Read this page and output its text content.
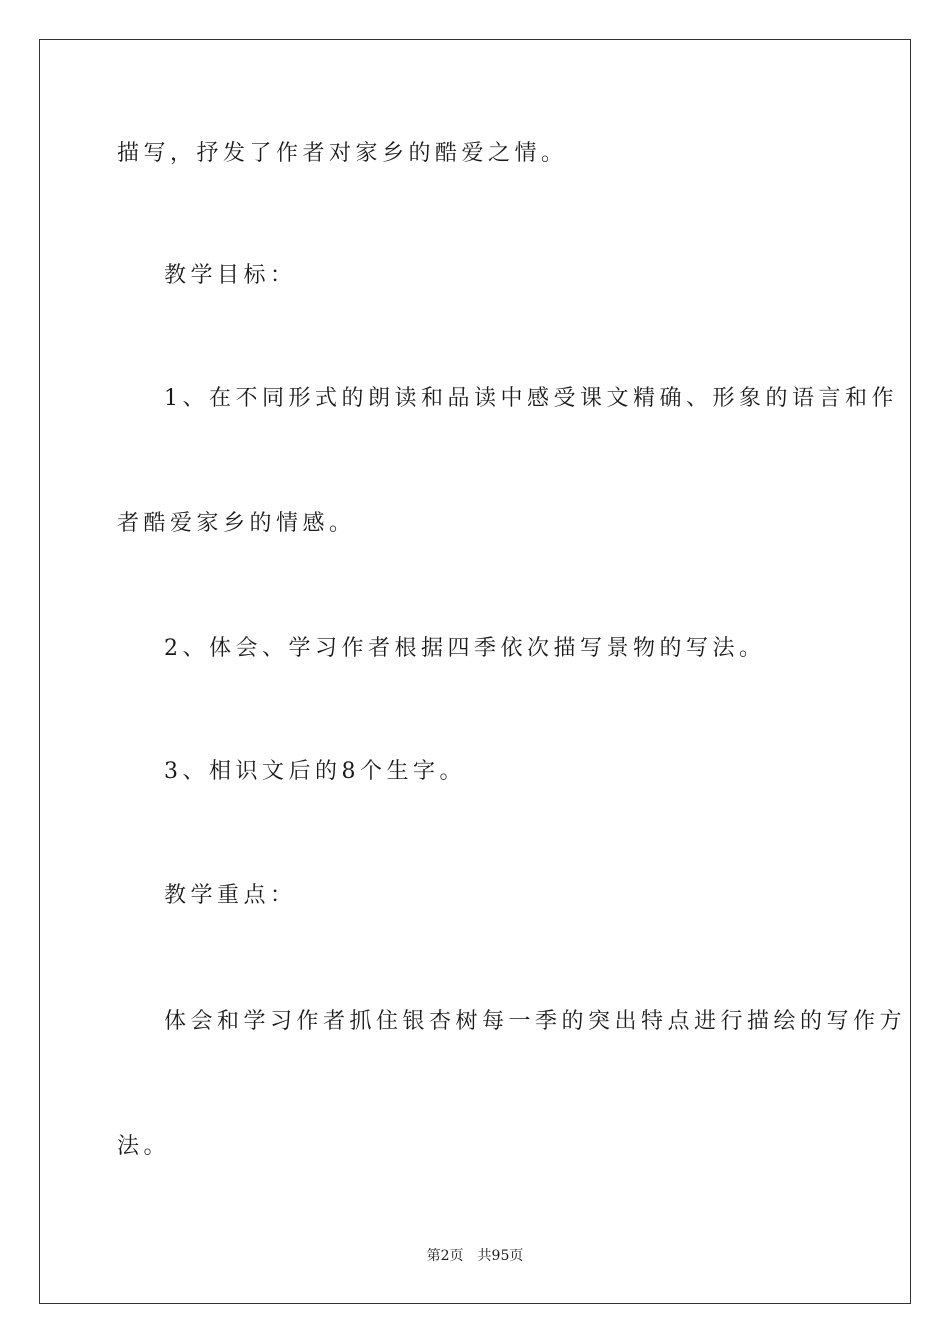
描写，抒发了作者对家乡的酷爱之情。
教学目标：
1、在不同形式的朗读和品读中感受课文精确、形象的语言和作
者酷爱家乡的情感。
2、体会、学习作者根据四季依次描写景物的写法。
3、相识文后的8个生字。
教学重点：
体会和学习作者抓住银杏树每一季的突出特点进行描绘的写作方
法。
第2页 共95页
